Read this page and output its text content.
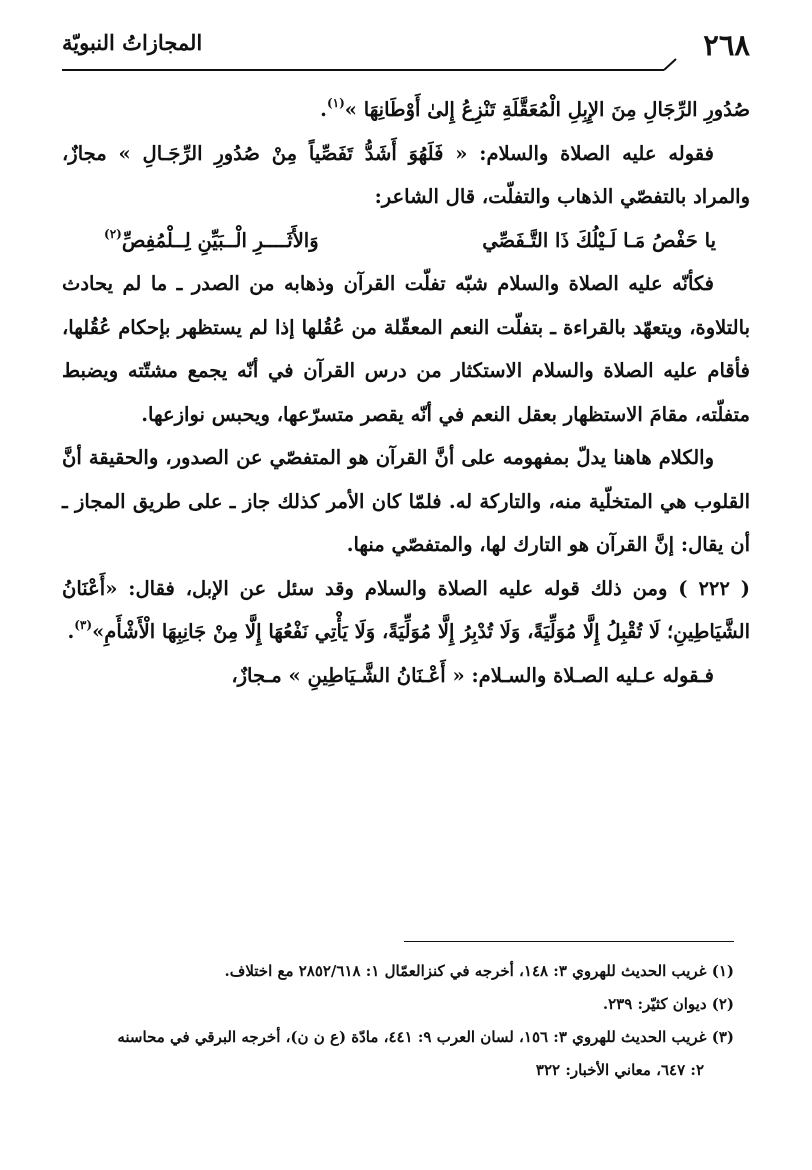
المجازاتُ النبويّة	٢٦٨

صُدُورِ الرِّجَالِ مِنَ الإِبِلِ الْمُعَقَّلَةِ تَنْزِعُ إِلىٰ أَوْطَانِهَا »$^{(١)}$.

فقوله عليه الصلاة والسلام: « فَلَهُوَ أَشَدُّ تَفَصِّياً مِنْ صُدُورِ الرِّجَـالِ » مجازٌ، والمراد بالتفصّي الذهاب والتفلّت، قال الشاعر:

يا حَفْصُ مَـا لَـيْلُكَ ذَا التَّـفَصِّي
وَالأَثَــــرِ الْــبَيِّنِ لِــلْمُفِصِّ$^{(٢)}$

فكأنّه عليه الصلاة والسلام شبّه تفلّت القرآن وذهابه من الصدر ـ ما لم يحادث بالتلاوة، ويتعهّد بالقراءة ـ بتفلّت النعم المعقّلة من عُقُلها إذا لم يستظهر بإحكام عُقُلها، فأقام عليه الصلاة والسلام الاستكثار من درس القرآن في أنّه يجمع مشتّته ويضبط متفلّته، مقامَ الاستظهار بعقل النعم في أنّه يقصر متسرّعها، ويحبس نوازعها.

والكلام هاهنا يدلّ بمفهومه على أنَّ القرآن هو المتفصّي عن الصدور، والحقيقة أنَّ القلوب هي المتخلّية منه، والتاركة له. فلمّا كان الأمر كذلك جاز ـ على طريق المجاز ـ أن يقال: إنَّ القرآن هو التارك لها، والمتفصّي منها.

( ٢٢٢ ) ومن ذلك قوله عليه الصلاة والسلام وقد سئل عن الإبل، فقال: «أَعْنَانُ الشَّيَاطِينِ؛ لَا تُقْبِلُ إِلَّا مُوَلِّيَةً، وَلَا تُدْبِرُ إِلَّا مُوَلِّيَةً، وَلَا يَأْتِي نَفْعُهَا إِلَّا مِنْ جَانِبِهَا الْأَشْأَمِ»$^{(٣)}$.

فـقوله عـليه الصـلاة والسـلام: « أَعْـنَانُ الشَّـيَاطِينِ » مـجازٌ،

(١) غريب الحديث للهروي ٣: ١٤٨، أخرجه في كنزالعمّال ١: ٢٨٥٢/٦١٨ مع اختلاف.

(٢) ديوان كثيّر: ٢٣٩.

(٣) غريب الحديث للهروي ٣: ١٥٦، لسان العرب ٩: ٤٤١، مادّة (ع ن ن)، أخرجه البرقي في محاسنه

٢: ٦٤٧، معاني الأخبار: ٣٢٢
